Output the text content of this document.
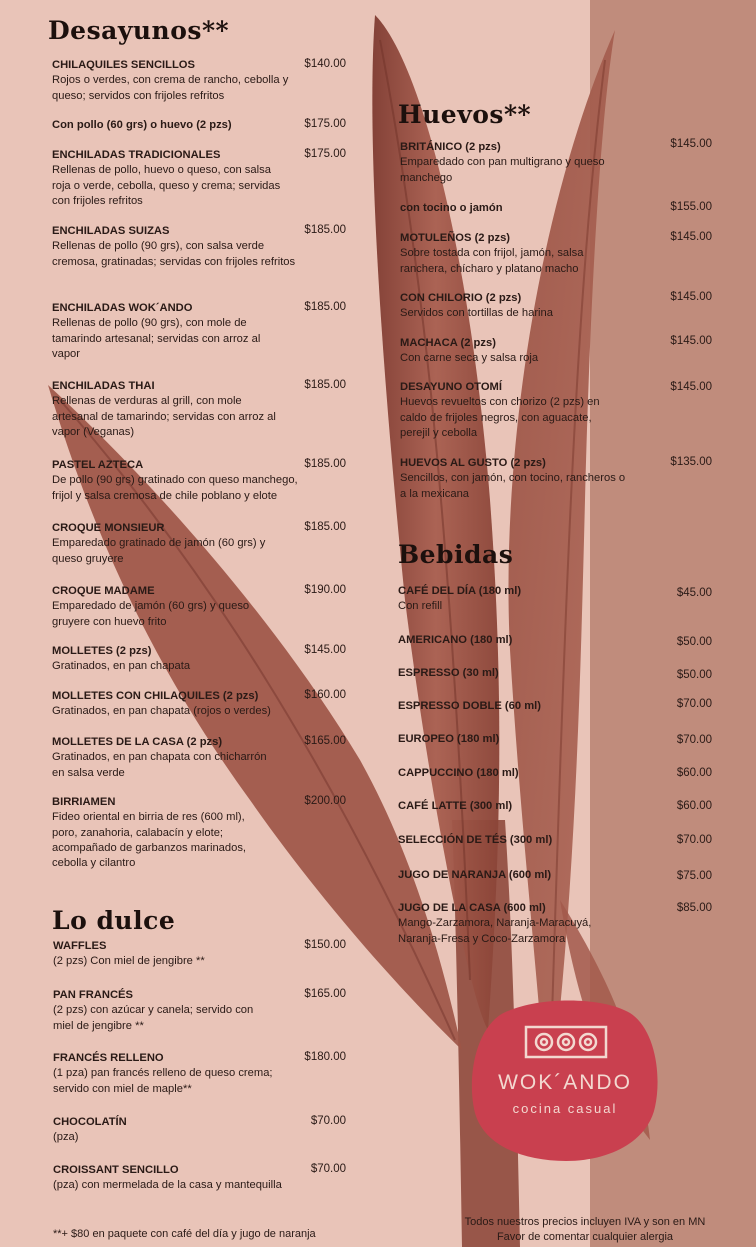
Desayunos**
CHILAQUILES SENCILLOS
Rojos o verdes, con crema de rancho, cebolla y queso; servidos con frijoles refritos
$140.00
Con pollo (60 grs) o huevo (2 pzs)	$175.00
ENCHILADAS TRADICIONALES
Rellenas de pollo, huevo o queso, con salsa roja o verde, cebolla, queso y crema; servidas con frijoles refritos
$175.00
ENCHILADAS SUIZAS
Rellenas de pollo (90 grs), con salsa verde cremosa, gratinadas; servidas con frijoles refritos
$185.00
ENCHILADAS WOK´ANDO
Rellenas de pollo (90 grs), con mole de tamarindo artesanal; servidas con arroz al vapor
$185.00
ENCHILADAS THAI
Rellenas de verduras al grill, con mole artesanal de tamarindo; servidas con arroz al vapor (Veganas)
$185.00
PASTEL AZTECA
De pollo (90 grs) gratinado con queso manchego, frijol y salsa cremosa de chile poblano y elote
$185.00
CROQUE MONSIEUR
Emparedado gratinado de jamón (60 grs) y queso gruyere
$185.00
CROQUE MADAME
Emparedado de jamón (60 grs) y queso gruyere con huevo frito
$190.00
MOLLETES (2 pzs)
Gratinados, en pan chapata
$145.00
MOLLETES CON CHILAQUILES (2 pzs)
Gratinados, en pan chapata (rojos o verdes)
$160.00
MOLLETES DE LA CASA (2 pzs)
Gratinados, en pan chapata con chicharrón en salsa verde
$165.00
BIRRIAMEN
Fideo oriental en birria de res (600 ml), poro, zanahoria, calabacín y elote; acompañado de garbanzos marinados, cebolla y cilantro
$200.00
Lo dulce
WAFFLES
(2 pzs) Con miel de jengibre **
$150.00
PAN FRANCÉS
(2 pzs) con azúcar y canela; servido con miel de jengibre **
$165.00
FRANCÉS RELLENO
(1 pza) pan francés relleno de queso crema; servido con miel de maple**
$180.00
CHOCOLATÍN
(pza)
$70.00
CROISSANT SENCILLO
(pza) con mermelada de la casa y mantequilla
$70.00
**+ $80 en paquete con café del día y jugo de naranja
Huevos**
BRITÁNICO (2 pzs)
Emparedado con pan multigrano y queso manchego
$145.00
con tocino o jamón	$155.00
MOTULEÑOS (2 pzs)
Sobre tostada con frijol, jamón, salsa ranchera, chícharo y platano macho
$145.00
CON CHILORIO (2 pzs)
Servidos con tortillas de harina
$145.00
MACHACA (2 pzs)
Con carne seca y salsa roja
$145.00
DESAYUNO OTOMÍ
Huevos revueltos con chorizo (2 pzs) en caldo de frijoles negros, con aguacate, perejil y cebolla
$145.00
HUEVOS AL GUSTO (2 pzs)
Sencillos, con jamón, con tocino, rancheros o a la mexicana
$135.00
Bebidas
CAFÉ DEL DÍA (180 ml)
Con refill
$45.00
AMERICANO (180 ml)	$50.00
ESPRESSO (30 ml)	$50.00
ESPRESSO DOBLE (60 ml)	$70.00
EUROPEO (180 ml)	$70.00
CAPPUCCINO (180 ml)	$60.00
CAFÉ LATTE (300 ml)	$60.00
SELECCIÓN DE TÉS (300 ml)	$70.00
JUGO DE NARANJA (600 ml)	$75.00
JUGO DE LA CASA (600 ml)
Mango-Zarzamora, Naranja-Maracuyá, Naranja-Fresa y Coco-Zarzamora
$85.00
WOK´ANDO
cocina casual
Todos nuestros precios incluyen IVA y son en MN
Favor de comentar cualquier alergia
